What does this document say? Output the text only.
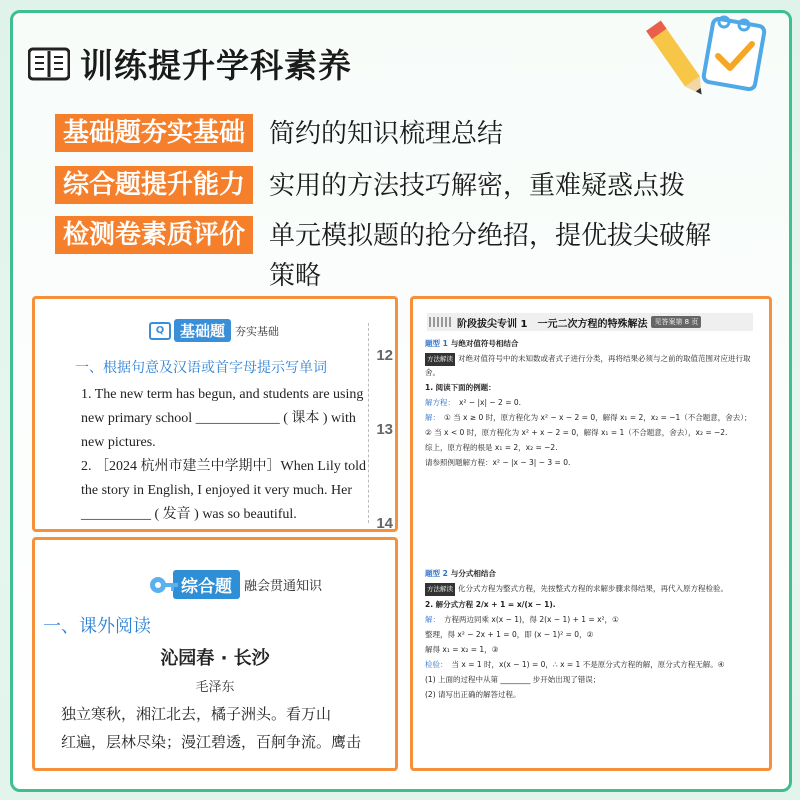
训练提升学科素养
基础题夯实基础 简约的知识梳理总结
综合题提升能力 实用的方法技巧解密，重难疑惑点拨
检测卷素质评价 单元模拟题的抢分绝招，提优拔尖破解策略
Q	基础题 夯实基础
一、根据句意及汉语或首字母提示写单词

1. The new term has begun, and students are using new primary school ____________ ( 课本 ) with new pictures.

2. ［2024 杭州市建兰中学期中］When Lily told the story in English, I enjoyed it very much. Her __________ ( 发音 ) was so beautiful.

12
13
14
综合题 融会贯通知识
一、课外阅读
沁园春 · 长沙
毛泽东

独立寒秋，湘江北去，橘子洲头。看万山

红遍，层林尽染；漫江碧透，百舸争流。鹰击

阶段拔尖专训 1　一元二次方程的特殊解法	见答案第 8 页

题型 1 与绝对值符号相结合

方法解读 对绝对值符号中的未知数或者式子进行分类，再将结果必须与之前的取值范围对应进行取舍。

1. 阅读下面的例题：

解方程： x² − |x| − 2 = 0.

解： ① 当 x ≥ 0 时，原方程化为 x² − x − 2 = 0，解得 x₁ = 2，x₂ = −1（不合题意，舍去）；

② 当 x < 0 时，原方程化为 x² + x − 2 = 0，解得 x₁ = 1（不合题意，舍去），x₂ = −2.

综上，原方程的根是 x₁ = 2，x₂ = −2.

请参照例题解方程：x² − |x − 3| − 3 = 0.

题型 2 与分式相结合

方法解读 化分式方程为整式方程，先按整式方程的求解步骤求得结果，再代入原方程检验。

2. 解分式方程 2/x + 1 = x/(x − 1).

解： 方程两边同乘 x(x − 1)，得 2(x − 1) + 1 = x²，①

整理，得 x² − 2x + 1 = 0，即 (x − 1)² = 0，②

解得 x₁ = x₂ = 1，③

检验： 当 x = 1 时，x(x − 1) = 0，∴ x = 1 不是原分式方程的解，原分式方程无解。④

(1) 上面的过程中从第 ________ 步开始出现了错误；

(2) 请写出正确的解答过程。
